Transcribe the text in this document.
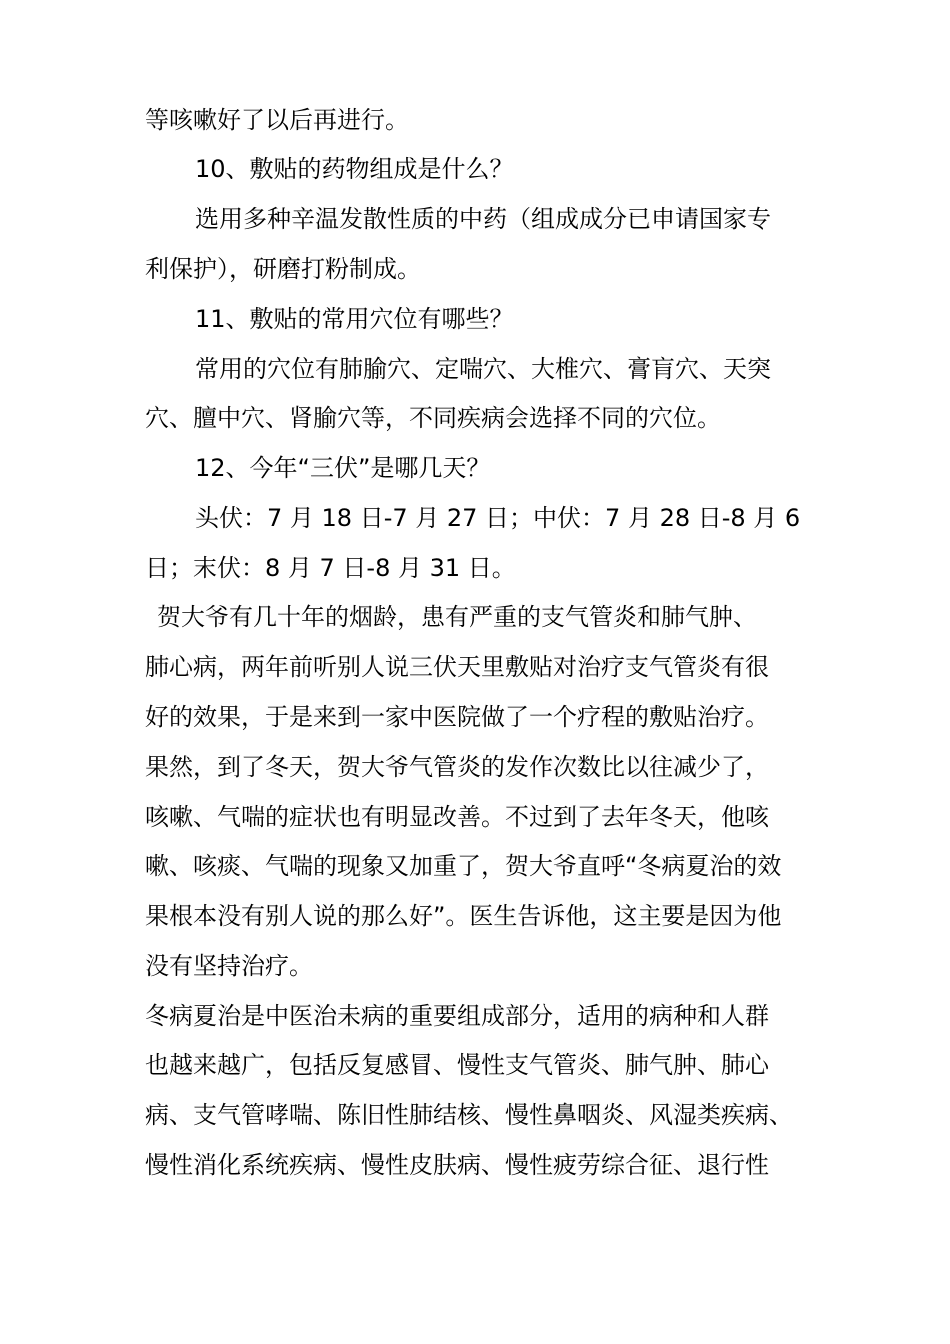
等咳嗽好了以后再进行。
10、敷贴的药物组成是什么？
选用多种辛温发散性质的中药（组成成分已申请国家专
利保护），研磨打粉制成。
11、敷贴的常用穴位有哪些？
常用的穴位有肺腧穴、定喘穴、大椎穴、膏肓穴、天突
穴、膻中穴、肾腧穴等，不同疾病会选择不同的穴位。
12、今年“三伏”是哪几天？
头伏：7 月 18 日-7 月 27 日；中伏：7 月 28 日-8 月 6
日；末伏：8 月 7 日-8 月 31 日。
贺大爷有几十年的烟龄，患有严重的支气管炎和肺气肿、
肺心病，两年前听别人说三伏天里敷贴对治疗支气管炎有很
好的效果，于是来到一家中医院做了一个疗程的敷贴治疗。
果然，到了冬天，贺大爷气管炎的发作次数比以往减少了，
咳嗽、气喘的症状也有明显改善。不过到了去年冬天，他咳
嗽、咳痰、气喘的现象又加重了，贺大爷直呼“冬病夏治的效
果根本没有别人说的那么好”。医生告诉他，这主要是因为他
没有坚持治疗。
冬病夏治是中医治未病的重要组成部分，适用的病种和人群
也越来越广，包括反复感冒、慢性支气管炎、肺气肿、肺心
病、支气管哮喘、陈旧性肺结核、慢性鼻咽炎、风湿类疾病、
慢性消化系统疾病、慢性皮肤病、慢性疲劳综合征、退行性
